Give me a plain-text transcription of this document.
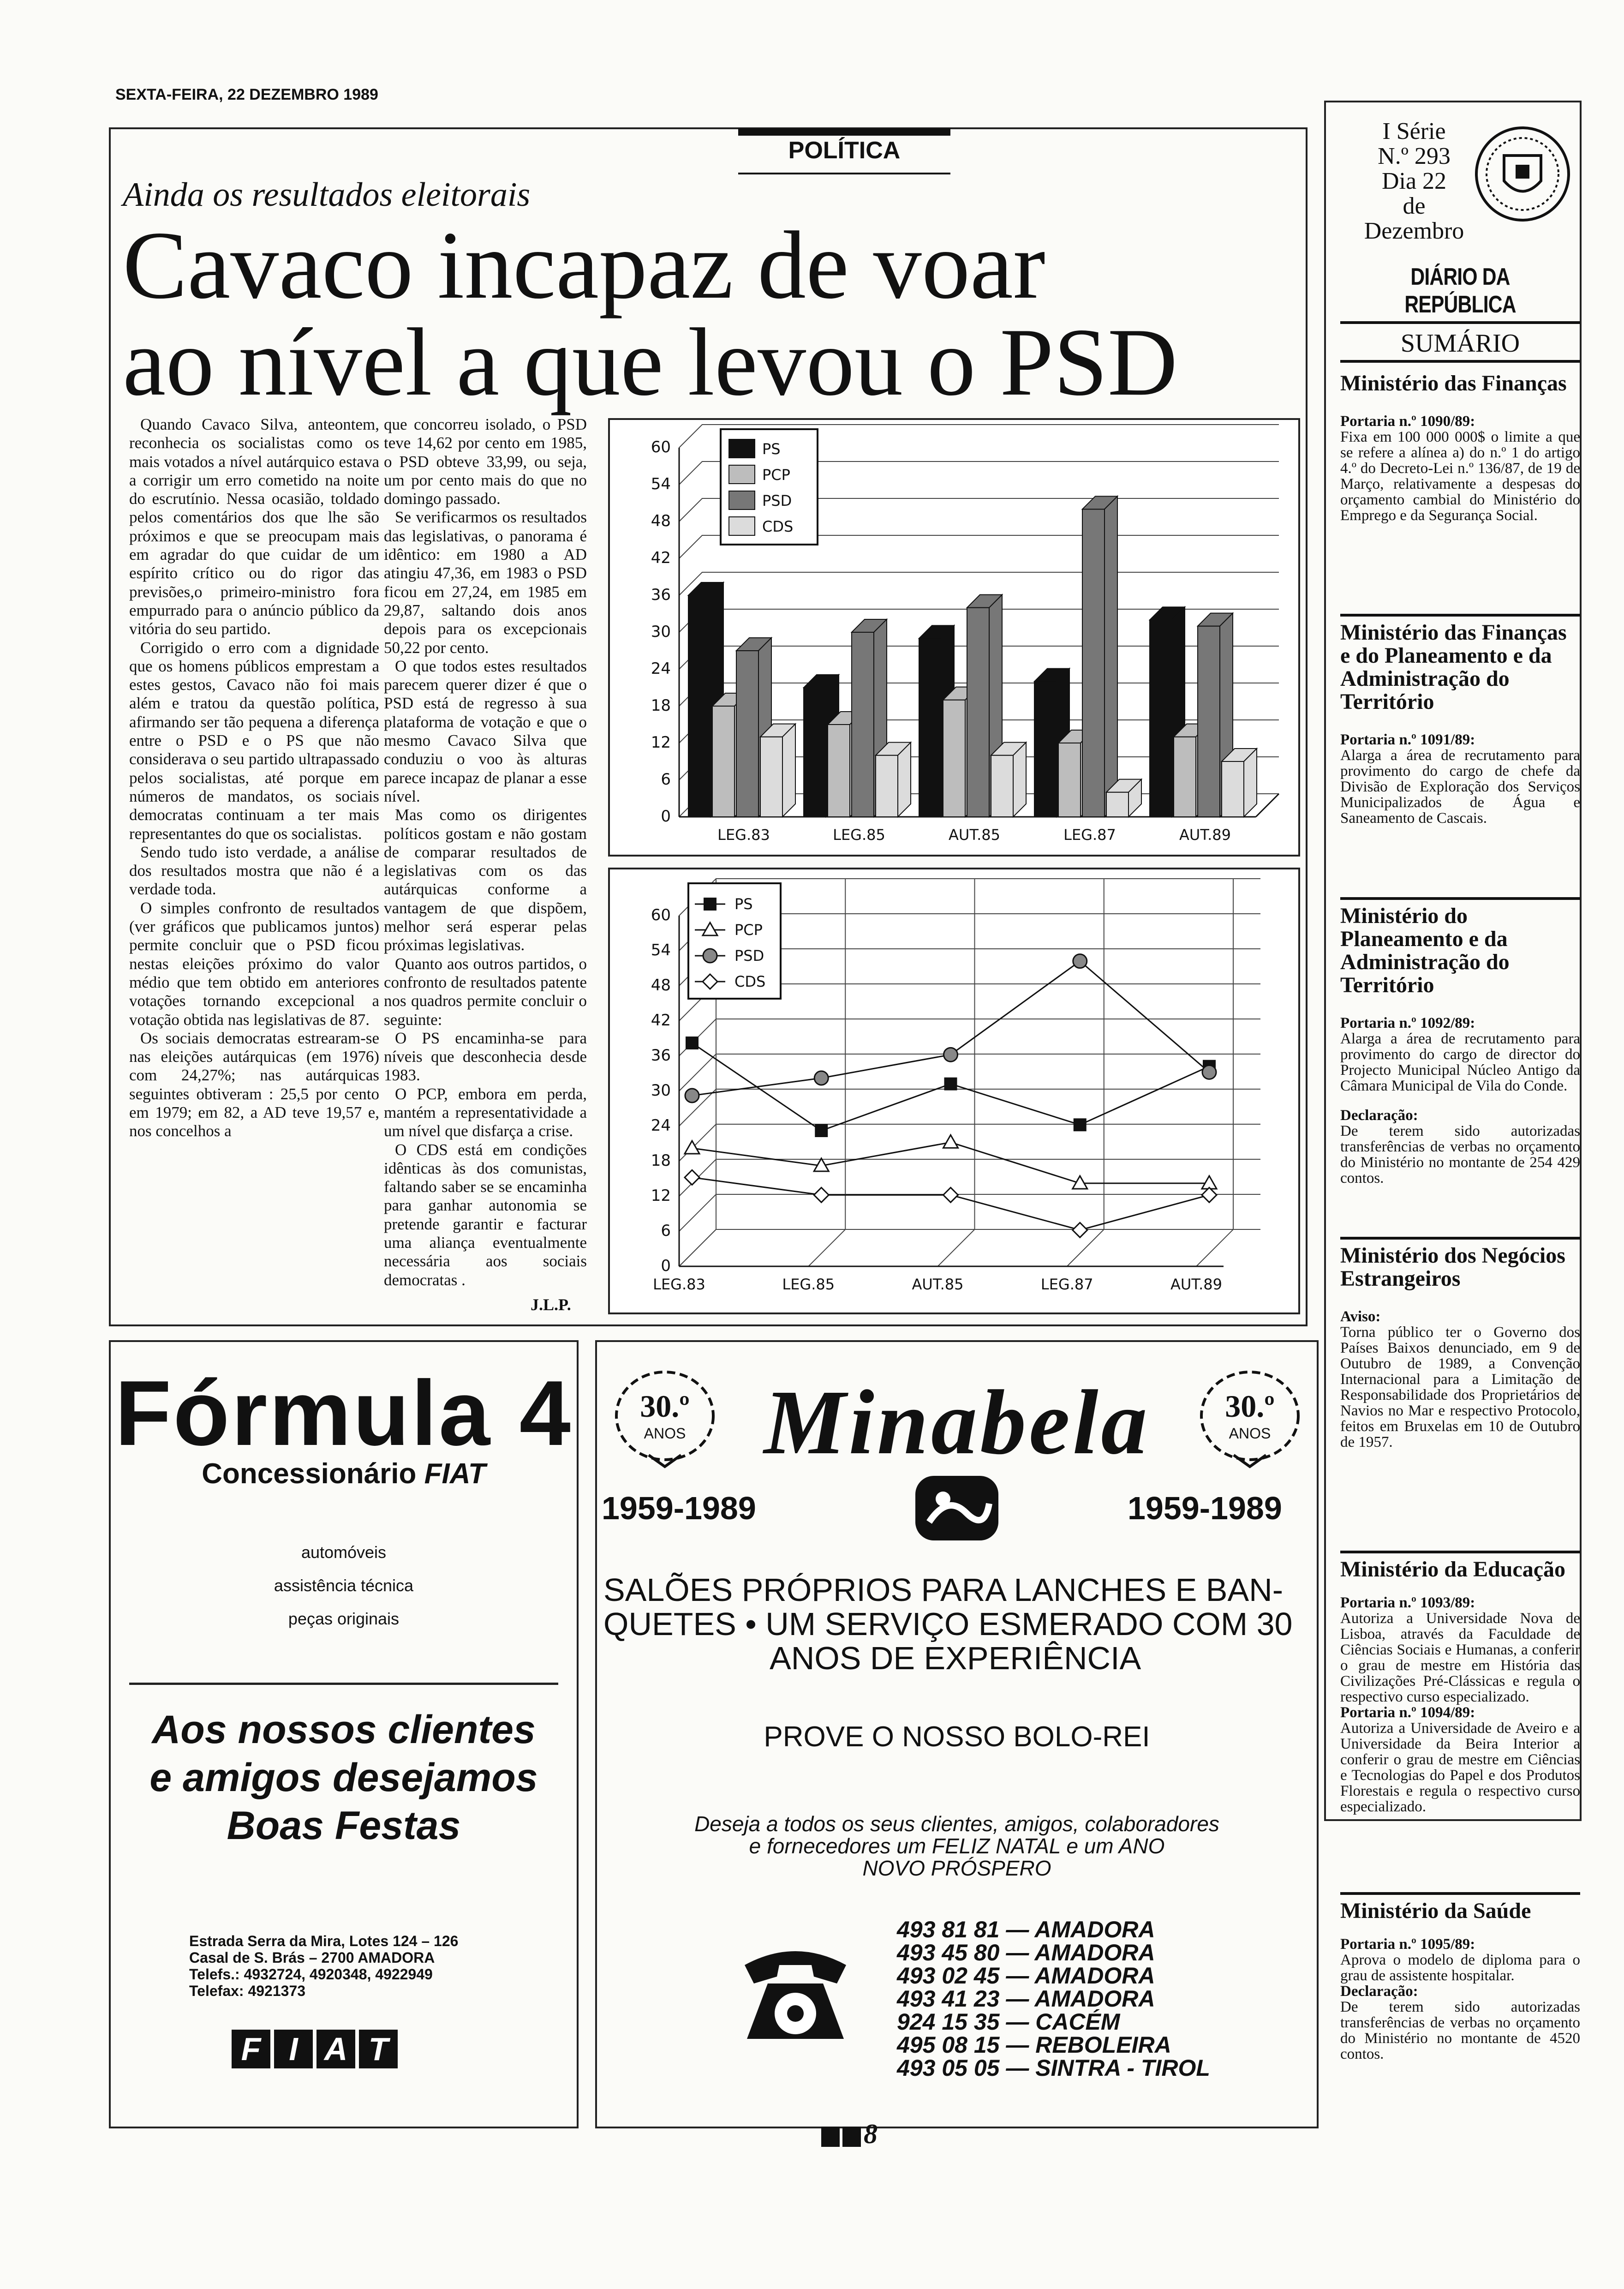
SEXTA-FEIRA, 22 DEZEMBRO 1989
POLÍTICA
Ainda os resultados eleitorais
Cavaco incapaz de voar
ao nível a que levou o PSD

Quando Cavaco Silva, anteontem, reconhecia os socialistas como os mais votados a nível autárquico estava a corrigir um erro cometido na noite do escrutínio. Nessa ocasião, toldado pelos comentários dos que lhe são próximos e que se preocupam mais em agradar do que cuidar de um espírito crítico ou do rigor das previsões,o primeiro-ministro fora empurrado para o anúncio público da vitória do seu partido.

Corrigido o erro com a dignidade que os homens públicos emprestam a estes gestos, Cavaco não foi mais além e tratou da questão política, afirmando ser tão pequena a diferença entre o PSD e o PS que não considerava o seu partido ultrapassado pelos socialistas, até porque em números de mandatos, os sociais democratas continuam a ter mais representantes do que os socialistas.

Sendo tudo isto verdade, a análise dos resultados mostra que não é a verdade toda.

O simples confronto de resultados (ver gráficos que publicamos juntos) permite concluir que o PSD ficou nestas eleições próximo do valor médio que tem obtido em anteriores votações tornando excepcional a votação obtida nas legislativas de 87.

Os sociais democratas estrearam-se nas eleições autárquicas (em 1976) com 24,27%; nas autárquicas seguintes obtiveram : 25,5 por cento em 1979; em 82, a AD teve 19,57 e, nos concelhos a

que concorreu isolado, o PSD teve 14,62 por cento em 1985, o PSD obteve 33,99, ou seja, um por cento mais do que no domingo passado.

Se verificarmos os resultados das legislativas, o panorama é idêntico: em 1980 a AD atingiu 47,36, em 1983 o PSD ficou em 27,24, em 1985 em 29,87, saltando dois anos depois para os excepcionais 50,22 por cento.

O que todos estes resultados parecem querer dizer é que o PSD está de regresso à sua plataforma de votação e que o mesmo Cavaco Silva que conduziu o voo às alturas parece incapaz de planar a esse nível.

Mas como os dirigentes políticos gostam e não gostam de comparar resultados de legislativas com os das autárquicas conforme a vantagem de que dispõem, melhor será esperar pelas próximas legislativas.

Quanto aos outros partidos, o confronto de resultados patente nos quadros permite concluir o seguinte:

O PS encaminha-se para níveis que desconhecia desde 1983.

O PCP, embora em perda, mantém a representatividade a um nível que disfarça a crise.

O CDS está em condições idênticas às dos comunistas, faltando saber se se encaminha para ganhar autonomia se pretende garantir e facturar uma aliança eventualmente necessária aos sociais democratas .

J.L.P.
0
6
12
18
24
30
36
42
48
54
60
LEG.83	LEG.85	AUT.85	LEG.87	AUT.89
PS
PCP
PSD
CDS
0
6
12
18
24
30
36
42
48
54
60
LEG.83	LEG.85	AUT.85	LEG.87	AUT.89
PS
PCP
PSD
CDS
Fórmula 4
Concessionário FIAT
automóveis
assistência técnica
peças originais
Aos nossos clientes
e amigos desejamos
Boas Festas
Estrada Serra da Mira, Lotes 124 – 126
Casal de S. Brás – 2700 AMADORA
Telefs.: 4932724, 4920348, 4922949
Telefax: 4921373
F I A T
30.º
ANOS
30.º
ANOS
Minabela
1959-1989	1959-1989
SALÕES PRÓPRIOS PARA LANCHES E BAN-
QUETES • UM SERVIÇO ESMERADO COM 30
ANOS DE EXPERIÊNCIA
PROVE O NOSSO BOLO-REI
Deseja a todos os seus clientes, amigos, colaboradores
e fornecedores um FELIZ NATAL e um ANO
NOVO PRÓSPERO
493 81 81 — AMADORA
493 45 80 — AMADORA
493 02 45 — AMADORA
493 41 23 — AMADORA
924 15 35 — CACÉM
495 08 15 — REBOLEIRA
493 05 05 — SINTRA - TIROL
I Série
N.º 293
Dia 22
de
Dezembro
DIÁRIO DA REPÚBLICA
SUMÁRIO
Ministério das Finanças
Portaria n.º 1090/89:
Fixa em 100 000 000$ o limite a que se refere a alínea a) do n.º 1 do artigo 4.º do Decreto-Lei n.º 136/87, de 19 de Março, relativamente a despesas do orçamento cambial do Ministério do Emprego e da Segurança Social.
Ministério das Finanças e do Planeamento e da Administração do Território
Portaria n.º 1091/89:
Alarga a área de recrutamento para provimento do cargo de chefe da Divisão de Exploração dos Serviços Municipalizados de Água e Saneamento de Cascais.
Ministério do Planeamento e da Administração do Território
Portaria n.º 1092/89:
Alarga a área de recrutamento para provimento do cargo de director do Projecto Municipal Núcleo Antigo da Câmara Municipal de Vila do Conde.
Declaração:
De terem sido autorizadas transferências de verbas no orçamento do Ministério no montante de 254 429 contos.
Ministério dos Negócios Estrangeiros
Aviso:
Torna público ter o Governo dos Países Baixos denunciado, em 9 de Outubro de 1989, a Convenção Internacional para a Limitação de Responsabilidade dos Proprietários de Navios no Mar e respectivo Protocolo, feitos em Bruxelas em 10 de Outubro de 1957.
Ministério da Educação
Portaria n.º 1093/89:
Autoriza a Universidade Nova de Lisboa, através da Faculdade de Ciências Sociais e Humanas, a conferir o grau de mestre em História das Civilizações Pré-Clássicas e regula o respectivo curso especializado.
Portaria n.º 1094/89:
Autoriza a Universidade de Aveiro e a Universidade da Beira Interior a conferir o grau de mestre em Ciências e Tecnologias do Papel e dos Produtos Florestais e regula o respectivo curso especializado.
Ministério da Saúde
Portaria n.º 1095/89:
Aprova o modelo de diploma para o grau de assistente hospitalar.
Declaração:
De terem sido autorizadas transferências de verbas no orçamento do Ministério no montante de 4520 contos.
8
